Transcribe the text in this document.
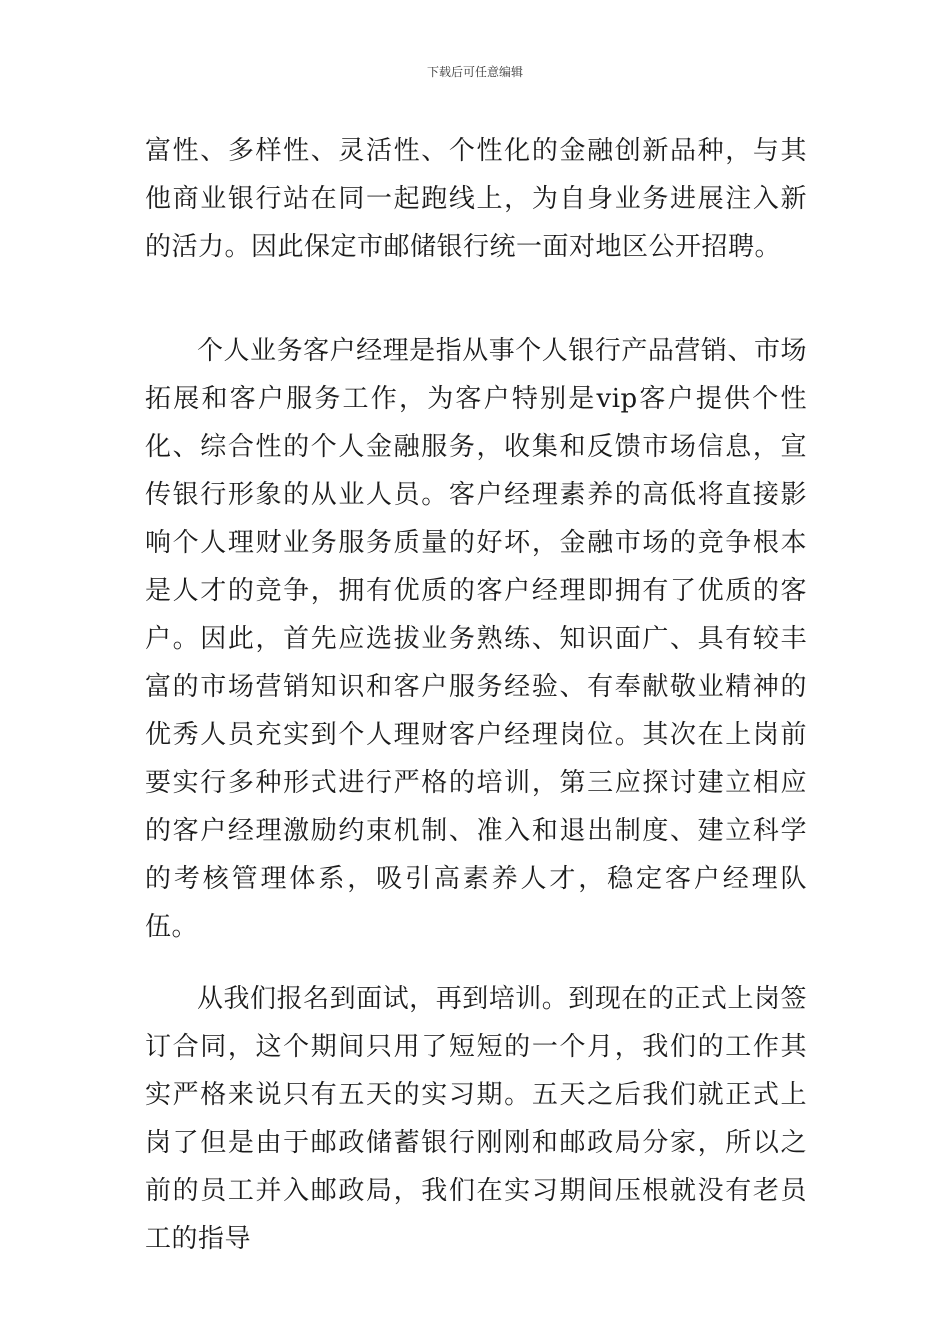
下载后可任意编辑

富性、多样性、灵活性、个性化的金融创新品种，与其他商业银行站在同一起跑线上，为自身业务进展注入新的活力。因此保定市邮储银行统一面对地区公开招聘。

个人业务客户经理是指从事个人银行产品营销、市场拓展和客户服务工作，为客户特别是vip客户提供个性化、综合性的个人金融服务，收集和反馈市场信息，宣传银行形象的从业人员。客户经理素养的高低将直接影响个人理财业务服务质量的好坏，金融市场的竞争根本是人才的竞争，拥有优质的客户经理即拥有了优质的客户。因此，首先应选拔业务熟练、知识面广、具有较丰富的市场营销知识和客户服务经验、有奉献敬业精神的优秀人员充实到个人理财客户经理岗位。其次在上岗前要实行多种形式进行严格的培训，第三应探讨建立相应的客户经理激励约束机制、准入和退出制度、建立科学的考核管理体系，吸引高素养人才，稳定客户经理队伍。

从我们报名到面试，再到培训。到现在的正式上岗签订合同，这个期间只用了短短的一个月，我们的工作其实严格来说只有五天的实习期。五天之后我们就正式上岗了但是由于邮政储蓄银行刚刚和邮政局分家，所以之前的员工并入邮政局，我们在实习期间压根就没有老员工的指导
